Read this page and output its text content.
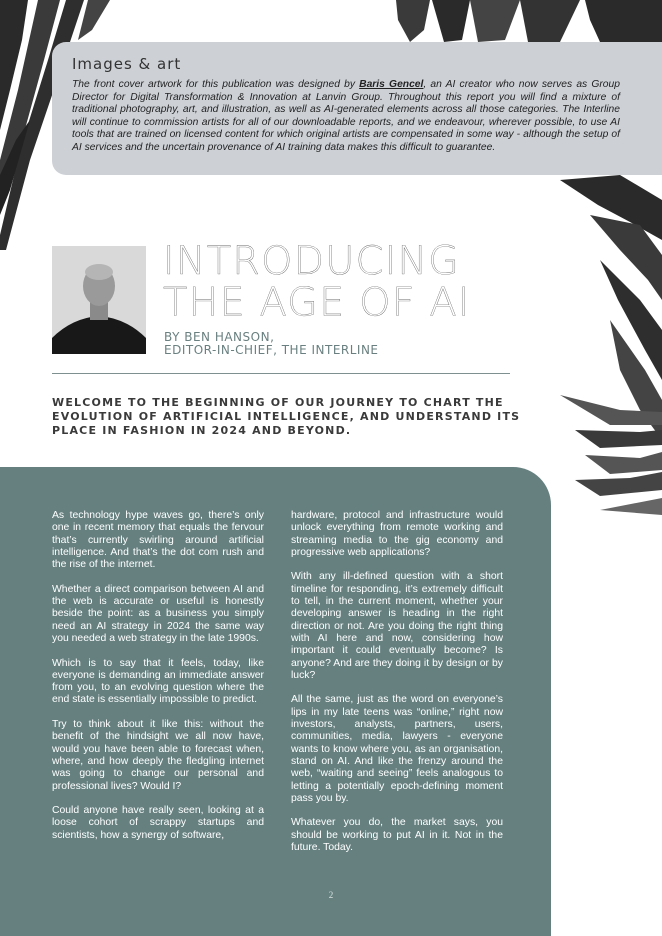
Images & art

The front cover artwork for this publication was designed by Baris Gencel, an AI creator who now serves as Group Director for Digital Transformation & Innovation at Lanvin Group. Throughout this report you will find a mixture of traditional photography, art, and illustration, as well as AI-generated elements across all those categories. The Interline will continue to commission artists for all of our downloadable reports, and we endeavour, wherever possible, to use AI tools that are trained on licensed content for which original artists are compensated in some way - although the setup of AI services and the uncertain provenance of AI training data makes this difficult to guarantee.

INTRODUCING
THE AGE OF AI
BY BEN HANSON,
EDITOR-IN-CHIEF, THE INTERLINE

WELCOME TO THE BEGINNING OF OUR JOURNEY TO CHART THE EVOLUTION OF ARTIFICIAL INTELLIGENCE, AND UNDERSTAND ITS PLACE IN FASHION IN 2024 AND BEYOND.

As technology hype waves go, there’s only one in recent memory that equals the fervour that’s currently swirling around artificial intelligence. And that’s the dot com rush and the rise of the internet.

Whether a direct comparison between AI and the web is accurate or useful is honestly beside the point: as a business you simply need an AI strategy in 2024 the same way you needed a web strategy in the late 1990s.

Which is to say that it feels, today, like everyone is demanding an immediate answer from you, to an evolving question where the end state is essentially impossible to predict.

Try to think about it like this: without the benefit of the hindsight we all now have, would you have been able to forecast when, where, and how deeply the fledgling internet was going to change our personal and professional lives? Would I?

Could anyone have really seen, looking at a loose cohort of scrappy startups and scientists, how a synergy of software,

hardware, protocol and infrastructure would unlock everything from remote working and streaming media to the gig economy and progressive web applications?

With any ill-defined question with a short timeline for responding, it’s extremely difficult to tell, in the current moment, whether your developing answer is heading in the right direction or not. Are you doing the right thing with AI here and now, considering how important it could eventually become? Is anyone? And are they doing it by design or by luck?

All the same, just as the word on everyone’s lips in my late teens was “online,” right now investors, analysts, partners, users, communities, media, lawyers - everyone wants to know where you, as an organisation, stand on AI. And like the frenzy around the web, “waiting and seeing” feels analogous to letting a potentially epoch-defining moment pass you by.

Whatever you do, the market says, you should be working to put AI in it. Not in the future. Today.

2
